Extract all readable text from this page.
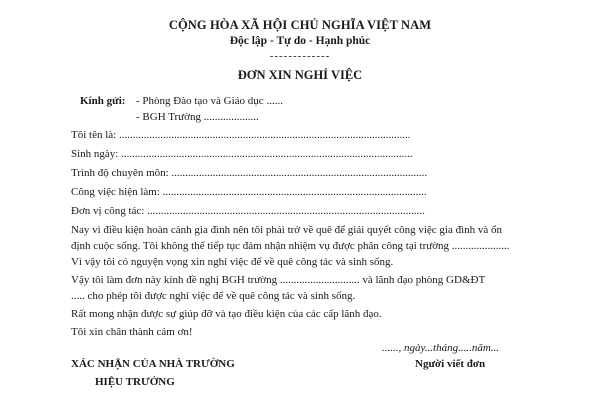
CỘNG HÒA XÃ HỘI CHỦ NGHĨA VIỆT NAM
Độc lập - Tự do - Hạnh phúc
-------------
ĐƠN XIN NGHỈ VIỆC
Kính gửi: - Phòng Đào tạo và Giáo dục ......
- BGH Trường ....................
Tôi tên là: ..........................................................................................................
Sinh ngày: ..........................................................................................................
Trình độ chuyên môn: .............................................................................................
Công việc hiện làm: ................................................................................................
Đơn vị công tác: .....................................................................................................
Nay vì điều kiện hoàn cảnh gia đình nên tôi phải trở về quê để giải quyết công việc gia đình và ổn
định cuộc sống. Tôi không thể tiếp tục đảm nhận nhiệm vụ được phân công tại trường .....................
Vì vậy tôi có nguyện vọng xin nghỉ việc để về quê công tác và sinh sống.
Vậy tôi làm đơn này kính đề nghị BGH trường ............................. và lãnh đạo phòng GD&ĐT
..... cho phép tôi được nghỉ việc để về quê công tác và sinh sống.
Rất mong nhận được sự giúp đỡ và tạo điều kiện của các cấp lãnh đạo.
Tôi xin chân thành cảm ơn!
......, ngày...tháng.....năm...
XÁC NHẬN CỦA NHÀ TRƯỜNG
HIỆU TRƯỞNG
Người viết đơn
